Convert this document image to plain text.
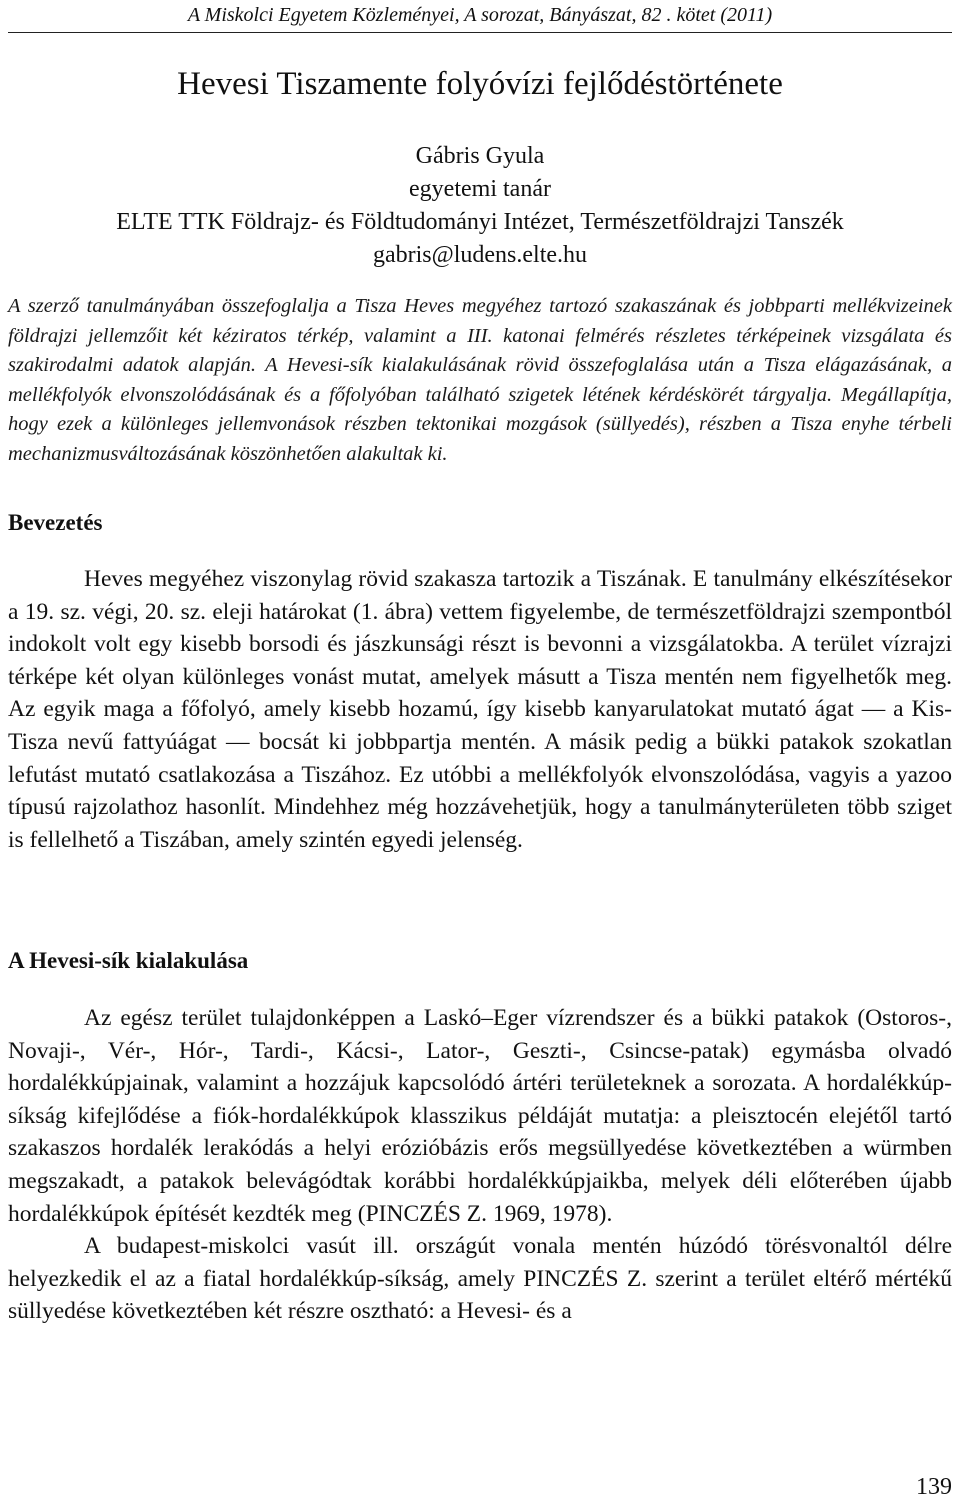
A Miskolci Egyetem Közleményei, A sorozat, Bányászat, 82 . kötet (2011)
Hevesi Tiszamente folyóvízi fejlődéstörténete
Gábris Gyula
egyetemi tanár
ELTE TTK Földrajz- és Földtudományi Intézet, Természetföldrajzi Tanszék
gabris@ludens.elte.hu

A szerző tanulmányában összefoglalja a Tisza Heves megyéhez tartozó szakaszának és jobbparti mellékvizeinek földrajzi jellemzőit két kéziratos térkép, valamint a III. katonai felmérés részletes térképeinek vizsgálata és szakirodalmi adatok alapján. A Hevesi-sík kialakulásának rövid összefoglalása után a Tisza elágazásának, a mellékfolyók elvonszolódásának és a főfolyóban található szigetek létének kérdéskörét tárgyalja. Megállapítja, hogy ezek a különleges jellemvonások részben tektonikai mozgások (süllyedés), részben a Tisza enyhe térbeli mechanizmusváltozásának köszönhetően alakultak ki.

Bevezetés

Heves megyéhez viszonylag rövid szakasza tartozik a Tiszának. E tanulmány elkészítésekor a 19. sz. végi, 20. sz. eleji határokat (1. ábra) vettem figyelembe, de természetföldrajzi szempontból indokolt volt egy kisebb borsodi és jászkunsági részt is bevonni a vizsgálatokba. A terület vízrajzi térképe két olyan különleges vonást mutat, amelyek másutt a Tisza mentén nem figyelhetők meg. Az egyik maga a főfolyó, amely kisebb hozamú, így kisebb kanyarulatokat mutató ágat — a Kis-Tisza nevű fattyúágat — bocsát ki jobbpartja mentén. A másik pedig a bükki patakok szokatlan lefutást mutató csatlakozása a Tiszához. Ez utóbbi a mellékfolyók elvonszolódása, vagyis a yazoo típusú rajzolathoz hasonlít. Mindehhez még hozzávehetjük, hogy a tanulmányterületen több sziget is fellelhető a Tiszában, amely szintén egyedi jelenség.

A Hevesi-sík kialakulása

Az egész terület tulajdonképpen a Laskó–Eger vízrendszer és a bükki patakok (Ostoros-, Novaji-, Vér-, Hór-, Tardi-, Kácsi-, Lator-, Geszti-, Csincse-patak) egymásba olvadó hordalékkúpjainak, valamint a hozzájuk kapcsolódó ártéri területeknek a sorozata. A hordalékkúp-síkság kifejlődése a fiók-hordalékkúpok klasszikus példáját mutatja: a pleisztocén elejétől tartó szakaszos hordalék lerakódás a helyi erózióbázis erős megsüllyedése következtében a würmben megszakadt, a patakok belevágódtak korábbi hordalékkúpjaikba, melyek déli előterében újabb hordalékkúpok építését kezdték meg (PINCZÉS Z. 1969, 1978).

A budapest-miskolci vasút ill. országút vonala mentén húzódó törésvonaltól délre helyezkedik el az a fiatal hordalékkúp-síkság, amely PINCZÉS Z. szerint a terület eltérő mértékű süllyedése következtében két részre osztható: a Hevesi- és a

139
